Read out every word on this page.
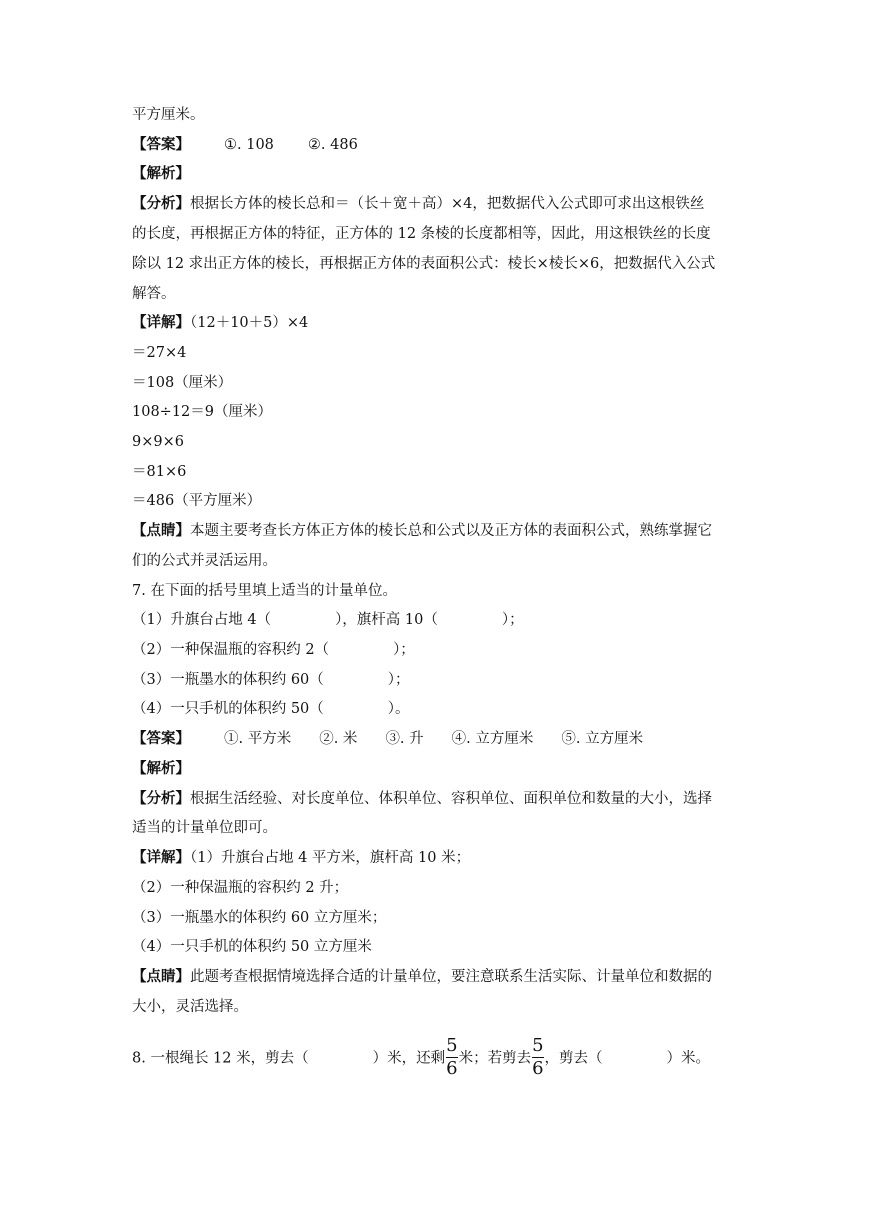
平方厘米。
【答案】 ①. 108 ②. 486
【解析】
【分析】根据长方体的棱长总和＝（长＋宽＋高）×4，把数据代入公式即可求出这根铁丝
的长度，再根据正方体的特征，正方体的 12 条棱的长度都相等，因此，用这根铁丝的长度
除以 12 求出正方体的棱长，再根据正方体的表面积公式：棱长×棱长×6，把数据代入公式
解答。
【详解】（12＋10＋5）×4
＝27×4
＝108（厘米）
108÷12＝9（厘米）
9×9×6
＝81×6
＝486（平方厘米）
【点睛】本题主要考查长方体正方体的棱长总和公式以及正方体的表面积公式，熟练掌握它
们的公式并灵活运用。
7. 在下面的括号里填上适当的计量单位。
（1）升旗台占地 4（	），旗杆高 10（	）；
（2）一种保温瓶的容积约 2（	）；
（3）一瓶墨水的体积约 60（	）；
（4）一只手机的体积约 50（	）。
【答案】 ①. 平方米 ②. 米 ③. 升 ④. 立方厘米 ⑤. 立方厘米
【解析】
【分析】根据生活经验、对长度单位、体积单位、容积单位、面积单位和数量的大小，选择
适当的计量单位即可。
【详解】（1）升旗台占地 4 平方米，旗杆高 10 米；
（2）一种保温瓶的容积约 2 升；
（3）一瓶墨水的体积约 60 立方厘米；
（4）一只手机的体积约 50 立方厘米
【点睛】此题考查根据情境选择合适的计量单位，要注意联系生活实际、计量单位和数据的
大小，灵活选择。
8. 一根绳长 12 米，剪去（	）米，还剩 $\frac{5}{6}$ 米；若剪去 $\frac{5}{6}$ ，剪去（	）米。
